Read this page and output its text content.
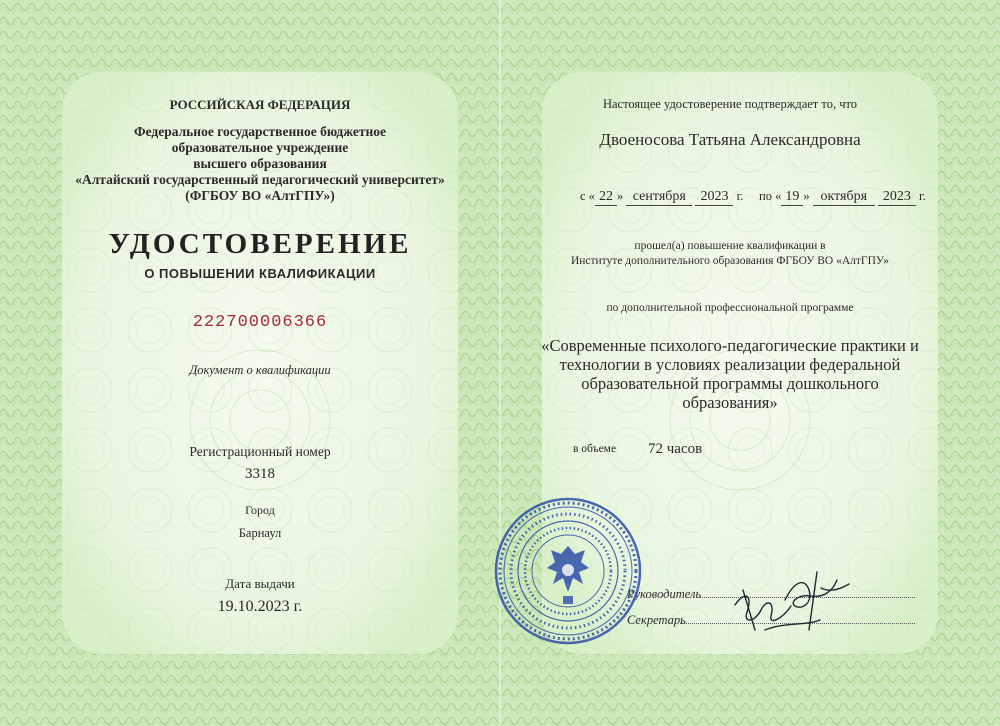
РОССИЙСКАЯ ФЕДЕРАЦИЯ
Федеральное государственное бюджетное
образовательное учреждение
высшего образования
«Алтайский государственный педагогический университет»
(ФГБОУ ВО «АлтГПУ»)
УДОСТОВЕРЕНИЕ
О ПОВЫШЕНИИ КВАЛИФИКАЦИИ
222700006366
Документ о квалификации
Регистрационный номер
3318
Город
Барнаул
Дата выдачи
19.10.2023 г.
Настоящее удостоверение подтверждает то, что
Двоеносова Татьяна Александровна
с « 22 » сентября 2023 г. по « 19 » октября 2023 г.
прошел(а) повышение квалификации в
Институте дополнительного образования ФГБОУ ВО «АлтГПУ»
по дополнительной профессиональной программе
«Современные психолого-педагогические практики и
технологии в условиях реализации федеральной
образовательной программы дошкольного
образования»
в объеме 72 часов
Руководитель
Секретарь
